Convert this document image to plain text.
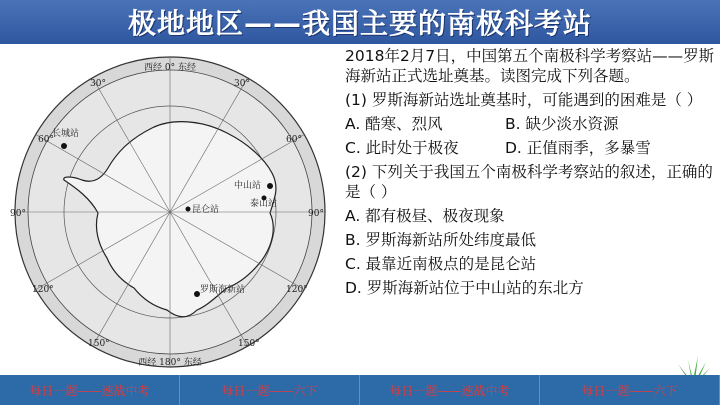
极地地区——我国主要的南极科考站
西经 0° 东经
西经 180° 东经
30°	30°
60°	60°
90°	90°
120°	120°
150°	150°
长城站
中山站
泰山站
昆仑站
罗斯海新站
2018年2月7日，中国第五个南极科学考察站——罗斯海新站正式选址奠基。读图完成下列各题。
(1) 罗斯海新站选址奠基时，可能遇到的困难是（ ）
A. 酷寒、烈风	B. 缺少淡水资源
C. 此时处于极夜	D. 正值雨季，多暴雪
(2) 下列关于我国五个南极科学考察站的叙述，正确的是（ ）
A. 都有极昼、极夜现象
B. 罗斯海新站所处纬度最低
C. 最靠近南极点的是昆仑站
D. 罗斯海新站位于中山站的东北方
每日一题——速战中考	每日一题——六下	每日一题——速战中考	每日一题——六下
